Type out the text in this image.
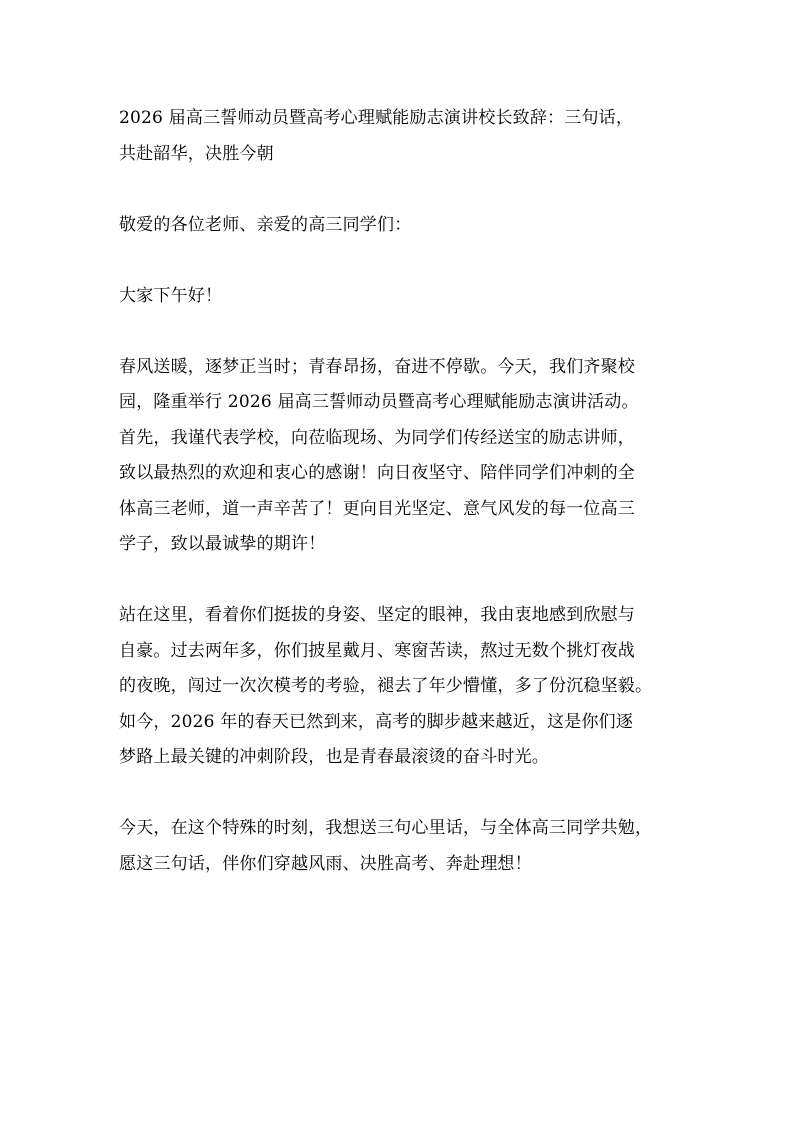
2026 届高三誓师动员暨高考心理赋能励志演讲校长致辞：三句话，
共赴韶华，决胜今朝

敬爱的各位老师、亲爱的高三同学们：

大家下午好！

春风送暖，逐梦正当时；青春昂扬，奋进不停歇。今天，我们齐聚校
园，隆重举行 2026 届高三誓师动员暨高考心理赋能励志演讲活动。
首先，我谨代表学校，向莅临现场、为同学们传经送宝的励志讲师，
致以最热烈的欢迎和衷心的感谢！向日夜坚守、陪伴同学们冲刺的全
体高三老师，道一声辛苦了！更向目光坚定、意气风发的每一位高三
学子，致以最诚挚的期许！

站在这里，看着你们挺拔的身姿、坚定的眼神，我由衷地感到欣慰与
自豪。过去两年多，你们披星戴月、寒窗苦读，熬过无数个挑灯夜战
的夜晚，闯过一次次模考的考验，褪去了年少懵懂，多了份沉稳坚毅。
如今，2026 年的春天已然到来，高考的脚步越来越近，这是你们逐
梦路上最关键的冲刺阶段，也是青春最滚烫的奋斗时光。

今天，在这个特殊的时刻，我想送三句心里话，与全体高三同学共勉，
愿这三句话，伴你们穿越风雨、决胜高考、奔赴理想！
